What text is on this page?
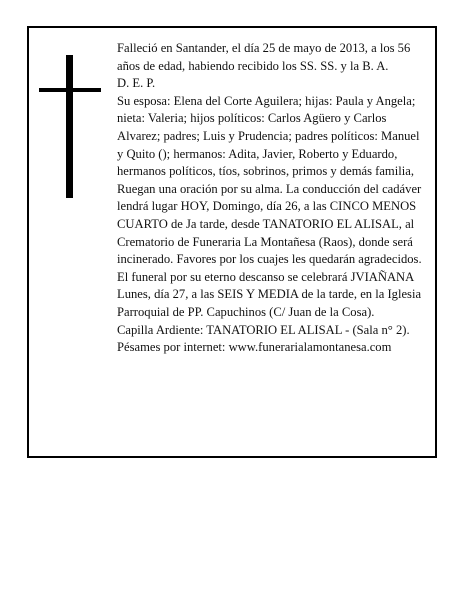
Falleció en Santander, el día 25 de mayo de 2013, a los 56 años de edad, habiendo recibido los SS. SS. y la B. A.

D. E. P.

Su esposa: Elena del Corte Aguilera; hijas: Paula y Angela; nieta: Valeria; hijos políticos: Carlos Agüero y Carlos Alvarez; padres; Luis y Prudencia; padres políticos: Manuel y Quito (); hermanos: Adita, Javier, Roberto y Eduardo, hermanos políticos, tíos, sobrinos, primos y demás familia,

Ruegan una oración por su alma. La conducción del cadáver lendrá lugar HOY, Domingo, día 26, a las CINCO MENOS CUARTO de Ja tarde, desde TANATORIO EL ALISAL, al Crematorio de Funeraria La Montañesa (Raos), donde será incinerado. Favores por los cuajes les quedarán agradecidos. El funeral por su eterno descanso se celebrará JVIAÑANA Lunes, día 27, a las SEIS Y MEDIA de la tarde, en la Iglesia Parroquial de PP. Capuchinos (C/ Juan de la Cosa).

Capilla Ardiente: TANATORIO EL ALISAL - (Sala n° 2).

Pésames por internet: www.funerarialamontanesa.com
